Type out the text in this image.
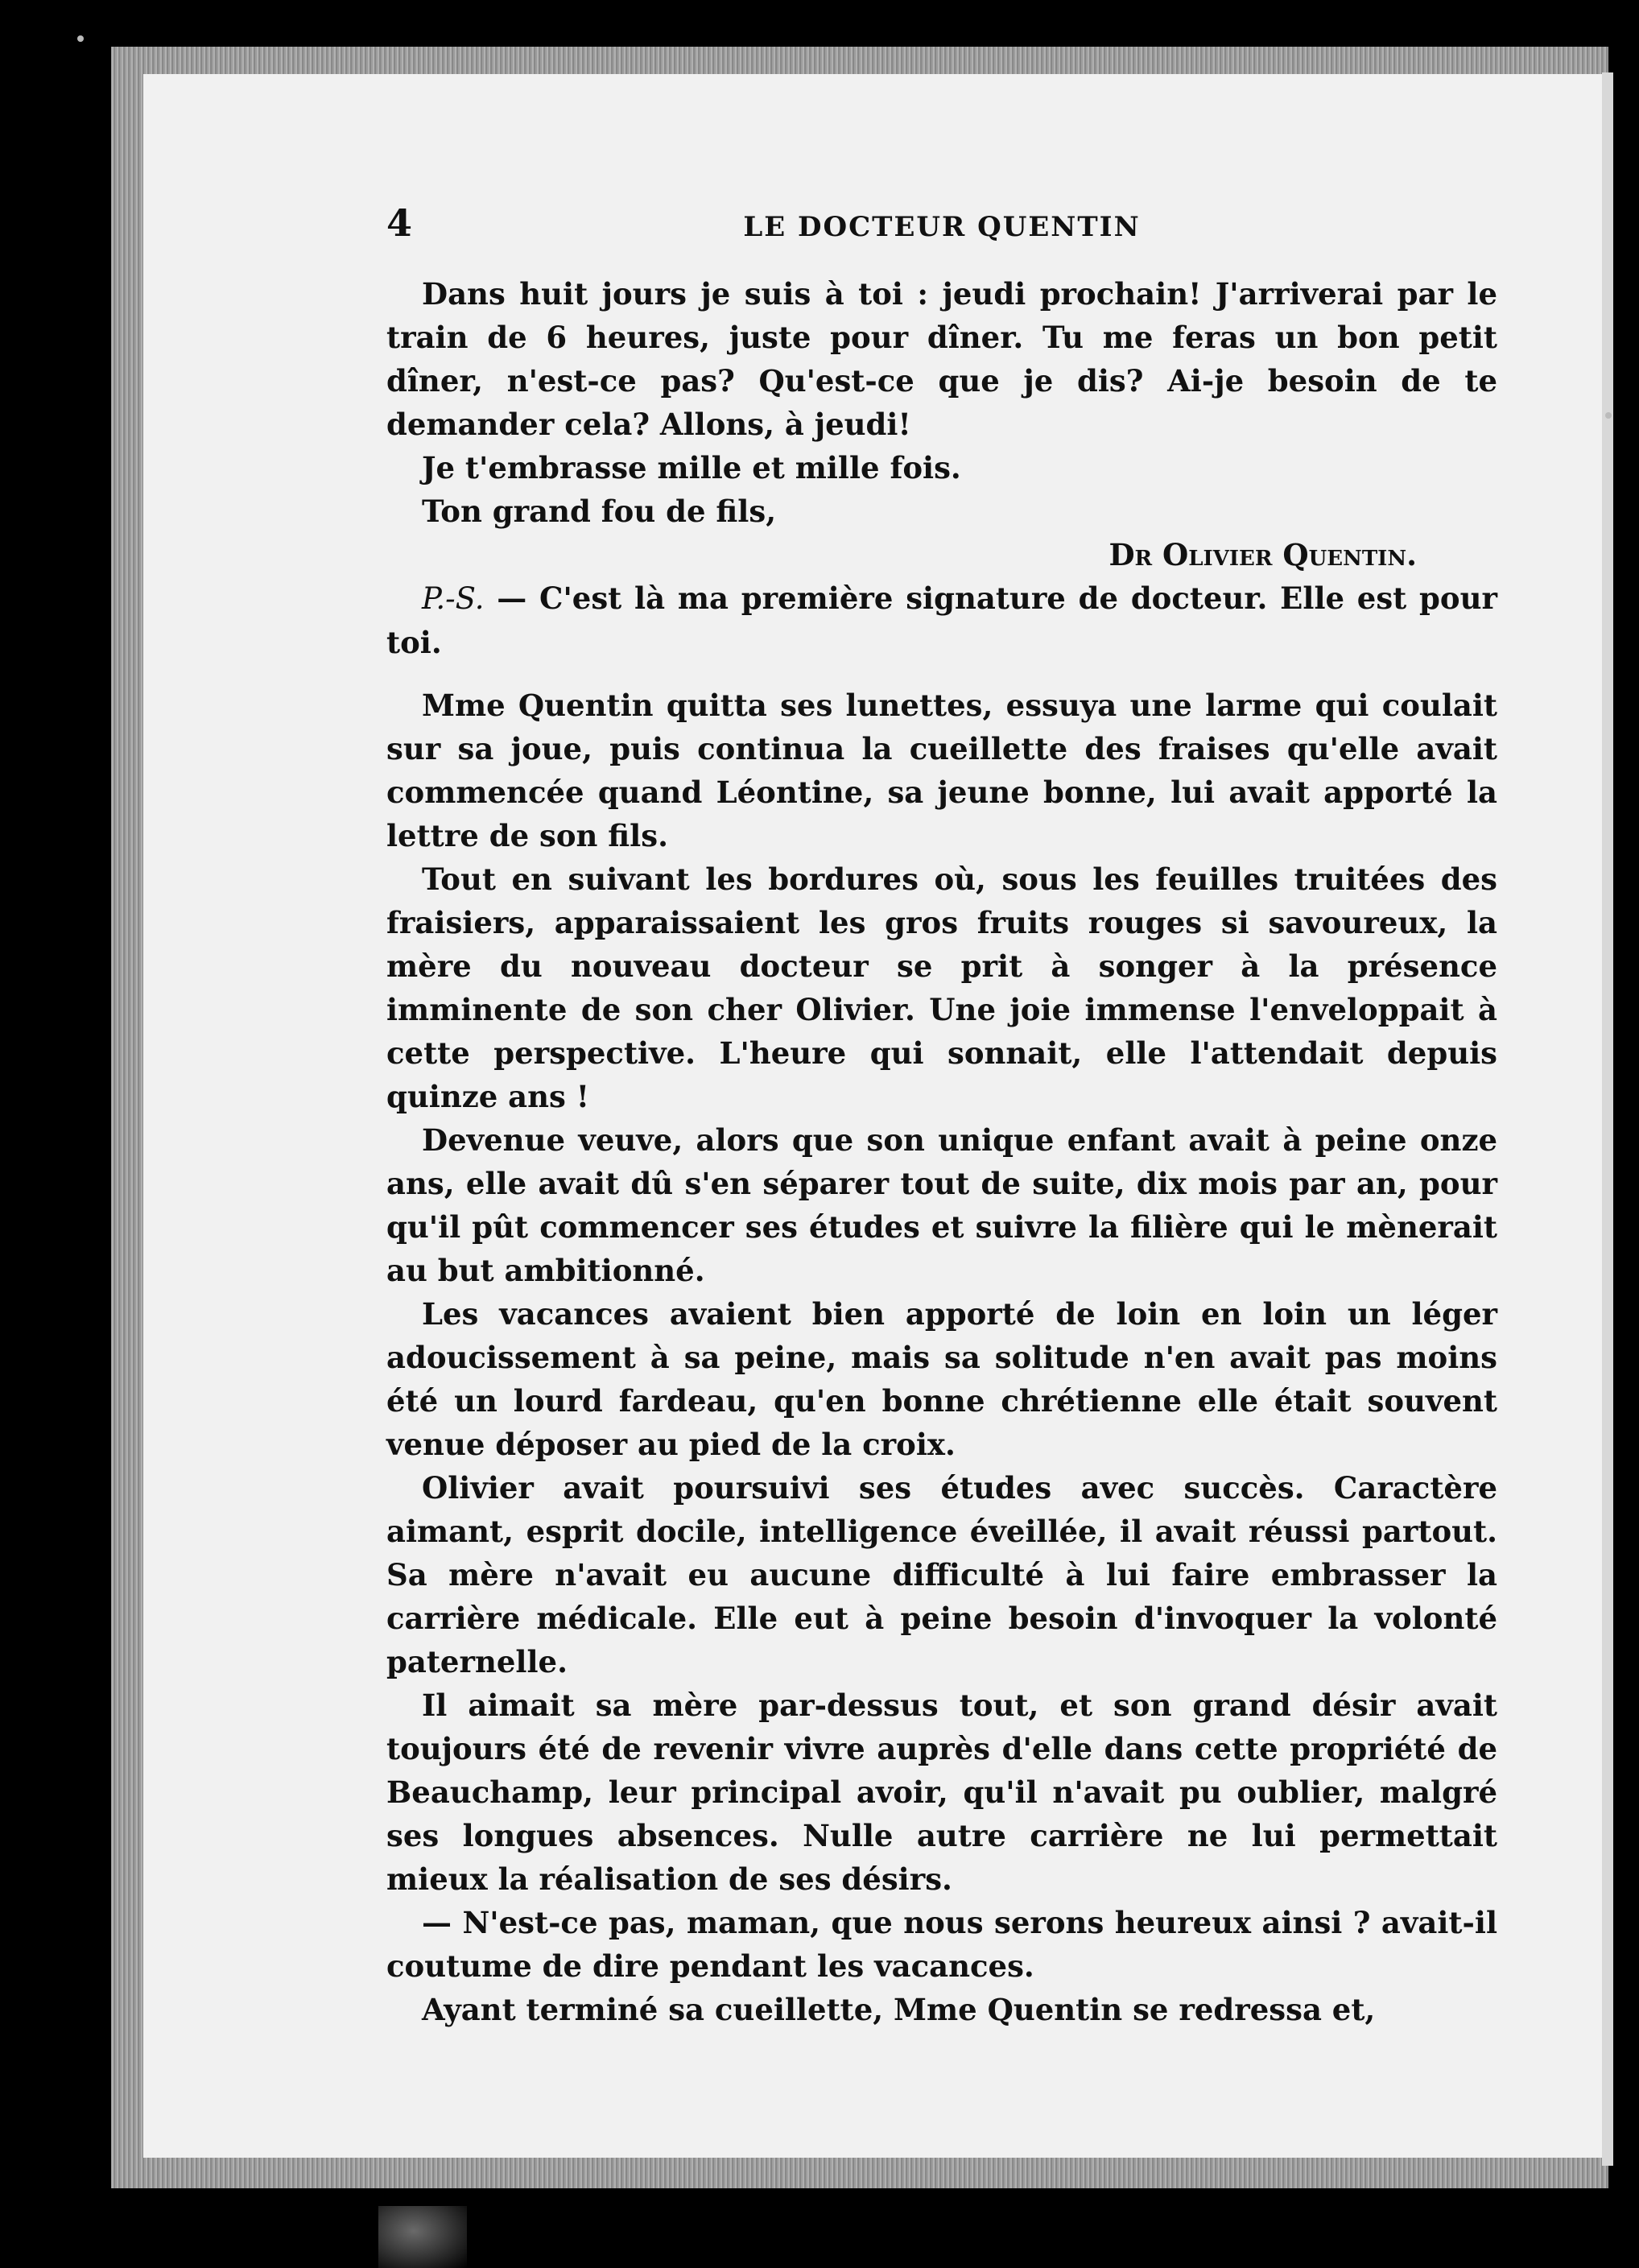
4	LE DOCTEUR QUENTIN

Dans huit jours je suis à toi : jeudi prochain! J'arriverai par le train de 6 heures, juste pour dîner. Tu me feras un bon petit dîner, n'est-ce pas? Qu'est-ce que je dis? Ai-je besoin de te demander cela? Allons, à jeudi!

Je t'embrasse mille et mille fois.

Ton grand fou de fils,

Dr Olivier Quentin.

P.-S. — C'est là ma première signature de docteur. Elle est pour toi.

Mme Quentin quitta ses lunettes, essuya une larme qui coulait sur sa joue, puis continua la cueillette des fraises qu'elle avait commencée quand Léontine, sa jeune bonne, lui avait apporté la lettre de son fils.

Tout en suivant les bordures où, sous les feuilles truitées des fraisiers, apparaissaient les gros fruits rouges si savoureux, la mère du nouveau docteur se prit à songer à la présence imminente de son cher Olivier. Une joie immense l'enveloppait à cette perspective. L'heure qui sonnait, elle l'attendait depuis quinze ans !

Devenue veuve, alors que son unique enfant avait à peine onze ans, elle avait dû s'en séparer tout de suite, dix mois par an, pour qu'il pût commencer ses études et suivre la filière qui le mènerait au but ambitionné.

Les vacances avaient bien apporté de loin en loin un léger adoucissement à sa peine, mais sa solitude n'en avait pas moins été un lourd fardeau, qu'en bonne chrétienne elle était souvent venue déposer au pied de la croix.

Olivier avait poursuivi ses études avec succès. Caractère aimant, esprit docile, intelligence éveillée, il avait réussi partout. Sa mère n'avait eu aucune difficulté à lui faire embrasser la carrière médicale. Elle eut à peine besoin d'invoquer la volonté paternelle.

Il aimait sa mère par-dessus tout, et son grand désir avait toujours été de revenir vivre auprès d'elle dans cette propriété de Beauchamp, leur principal avoir, qu'il n'avait pu oublier, malgré ses longues absences. Nulle autre carrière ne lui permettait mieux la réalisation de ses désirs.

— N'est-ce pas, maman, que nous serons heureux ainsi ? avait-il coutume de dire pendant les vacances.

Ayant terminé sa cueillette, Mme Quentin se redressa et,
